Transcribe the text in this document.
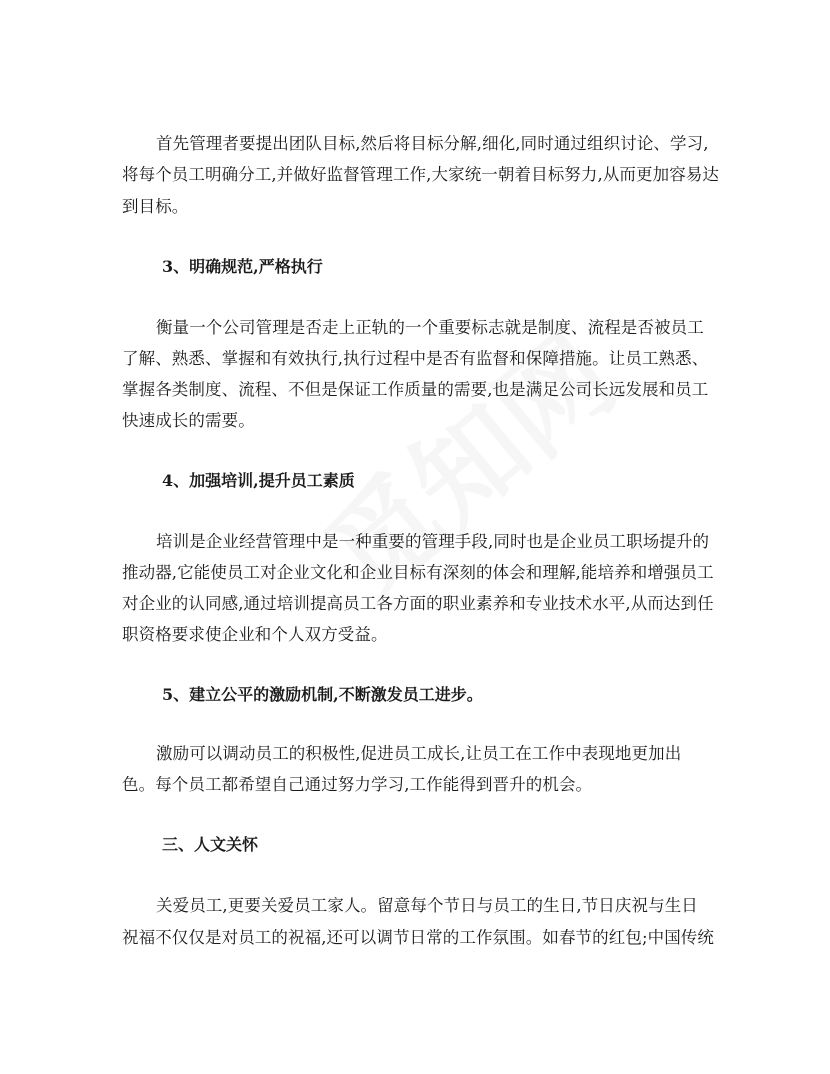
首先管理者要提出团队目标,然后将目标分解,细化,同时通过组织讨论、学习,
将每个员工明确分工,并做好监督管理工作,大家统一朝着目标努力,从而更加容易达
到目标。
3、明确规范,严格执行
衡量一个公司管理是否走上正轨的一个重要标志就是制度、流程是否被员工
了解、熟悉、掌握和有效执行,执行过程中是否有监督和保障措施。让员工熟悉、
掌握各类制度、流程、不但是保证工作质量的需要,也是满足公司长远发展和员工
快速成长的需要。
4、加强培训,提升员工素质
培训是企业经营管理中是一种重要的管理手段,同时也是企业员工职场提升的
推动器,它能使员工对企业文化和企业目标有深刻的体会和理解,能培养和增强员工
对企业的认同感,通过培训提高员工各方面的职业素养和专业技术水平,从而达到任
职资格要求使企业和个人双方受益。
5、建立公平的激励机制,不断激发员工进步。
激励可以调动员工的积极性,促进员工成长,让员工在工作中表现地更加出
色。每个员工都希望自己通过努力学习,工作能得到晋升的机会。
三、人文关怀
关爱员工,更要关爱员工家人。留意每个节日与员工的生日,节日庆祝与生日
祝福不仅仅是对员工的祝福,还可以调节日常的工作氛围。如春节的红包;中国传统
